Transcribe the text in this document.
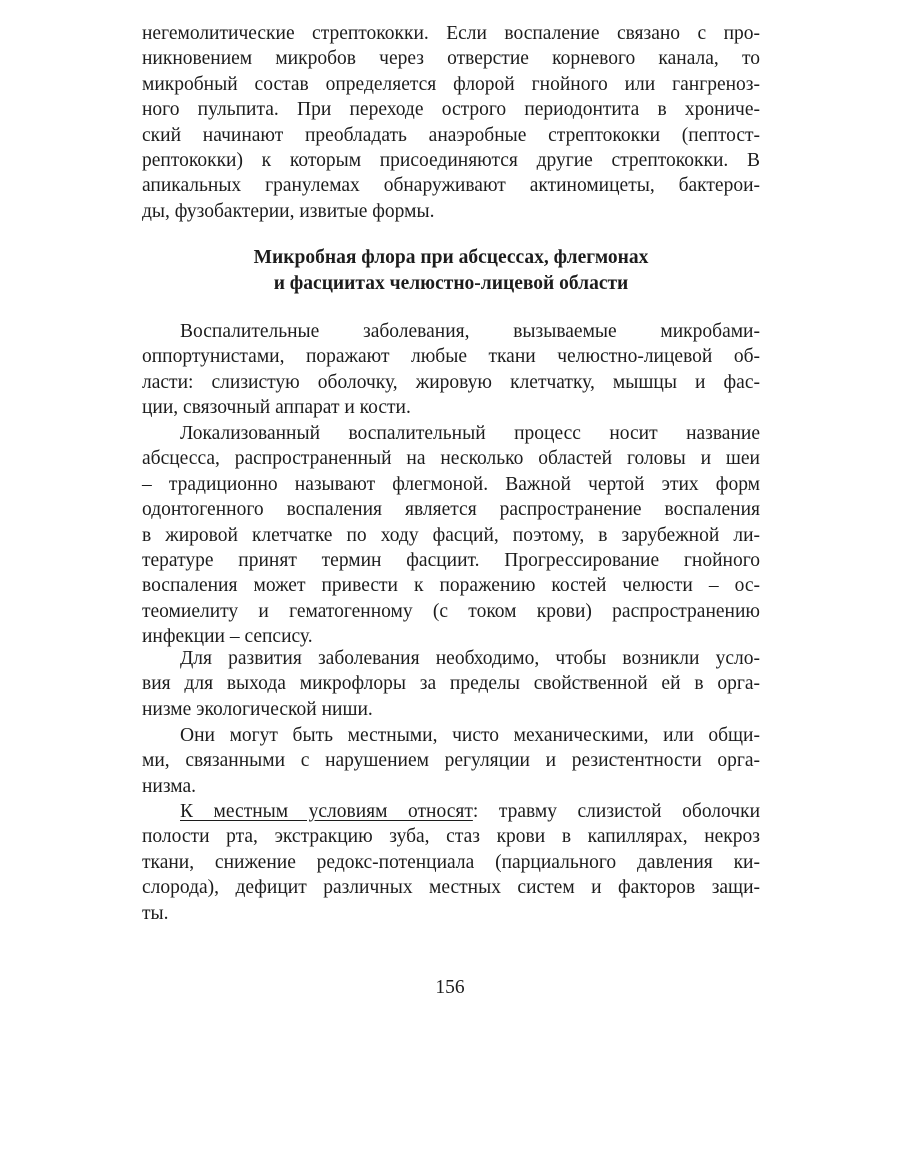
негемолитические стрептококки. Если воспаление связано с про-
никновением микробов через отверстие корневого канала, то
микробный состав определяется флорой гнойного или гангреноз-
ного пульпита. При переходе острого периодонтита в хрониче-
ский начинают преобладать анаэробные стрептококки (пептост-
рептококки) к которым присоединяются другие стрептококки. В
апикальных гранулемах обнаруживают актиномицеты, бактерои-
ды, фузобактерии, извитые формы.
Микробная флора при абсцессах, флегмонах
и фасциитах челюстно-лицевой области
Воспалительные заболевания, вызываемые микробами-
оппортунистами, поражают любые ткани челюстно-лицевой об-
ласти: слизистую оболочку, жировую клетчатку, мышцы и фас-
ции, связочный аппарат и кости.
Локализованный воспалительный процесс носит название
абсцесса, распространенный на несколько областей головы и шеи
– традиционно называют флегмоной. Важной чертой этих форм
одонтогенного воспаления является распространение воспаления
в жировой клетчатке по ходу фасций, поэтому, в зарубежной ли-
тературе принят термин фасциит. Прогрессирование гнойного
воспаления может привести к поражению костей челюсти – ос-
теомиелиту и гематогенному (с током крови) распространению
инфекции – сепсису.
Для развития заболевания необходимо, чтобы возникли усло-
вия для выхода микрофлоры за пределы свойственной ей в орга-
низме экологической ниши.
Они могут быть местными, чисто механическими, или общи-
ми, связанными с нарушением регуляции и резистентности орга-
низма.
К местным условиям относят: травму слизистой оболочки
полости рта, экстракцию зуба, стаз крови в капиллярах, некроз
ткани, снижение редокс-потенциала (парциального давления ки-
слорода), дефицит различных местных систем и факторов защи-
ты.
156
